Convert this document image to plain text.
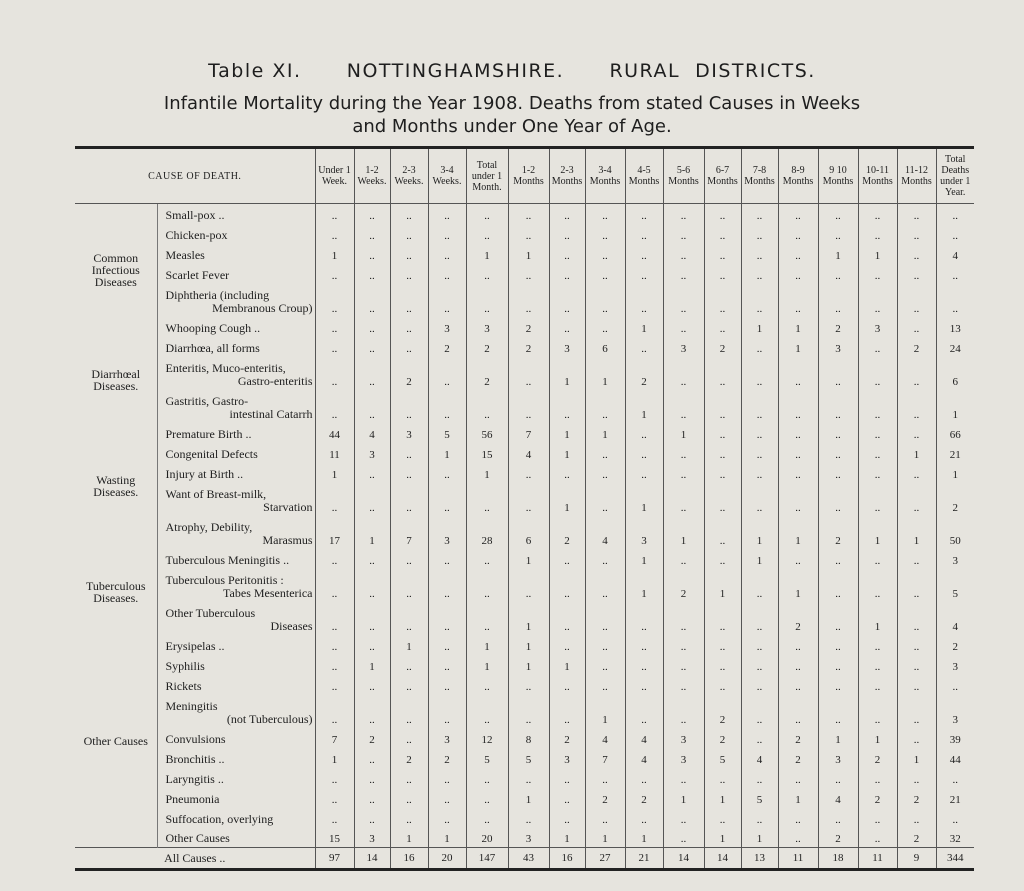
Table XI.      NOTTINGHAMSHIRE.      RURAL  DISTRICTS.
Infantile Mortality during the Year 1908. Deaths from stated Causes in Weeks
and Months under One Year of Age.
CAUSE OF DEATH.		Under 1 Week.	1-2 Weeks.	2-3 Weeks.	3-4 Weeks.	Total under 1 Month.	1-2 Months	2-3 Months	3-4 Months	4-5 Months	5-6 Months	6-7 Months	7-8 Months	8-9 Months	9 10 Months	10-11 Months	11-12 Months	Total Deaths under 1 Year.
Common Infectious Diseases	Small-pox ..	..	..	..	..	..	..	..	..	..	..	..	..	..	..	..	..	..
	Chicken-pox	..	..	..	..	..	..	..	..	..	..	..	..	..	..	..	..	..
	Measles	1	..	..	..	1	1	..	..	..	..	..	..	..	1	1	..	4
	Scarlet Fever	..	..	..	..	..	..	..	..	..	..	..	..	..	..	..	..	..
	Diphtheria (including
Membranous Croup)	..	..	..	..	..	..	..	..	..	..	..	..	..	..	..	..	..
	Whooping Cough ..	..	..	..	3	3	2	..	..	1	..	..	1	1	2	3	..	13
Diarrhœal Diseases.	Diarrhœa, all forms	..	..	..	2	2	2	3	6	..	3	2	..	1	3	..	2	24
	Enteritis, Muco-enteritis,
Gastro-enteritis	..	..	2	..	2	..	1	1	2	..	..	..	..	..	..	..	6
	Gastritis, Gastro-
intestinal Catarrh	..	..	..	..	..	..	..	..	1	..	..	..	..	..	..	..	1
Wasting Diseases.	Premature Birth ..	44	4	3	5	56	7	1	1	..	1	..	..	..	..	..	..	66
	Congenital Defects	11	3	..	1	15	4	1	..	..	..	..	..	..	..	..	1	21
	Injury at Birth ..	1	..	..	..	1	..	..	..	..	..	..	..	..	..	..	..	1
	Want of Breast-milk,
Starvation	..	..	..	..	..	..	1	..	1	..	..	..	..	..	..	..	2
	Atrophy, Debility,
Marasmus	17	1	7	3	28	6	2	4	3	1	..	1	1	2	1	1	50
Tuberculous Diseases.	Tuberculous Meningitis ..	..	..	..	..	..	1	..	..	1	..	..	1	..	..	..	..	3
	Tuberculous Peritonitis :
Tabes Mesenterica	..	..	..	..	..	..	..	..	1	2	1	..	1	..	..	..	5
	Other Tuberculous
Diseases	..	..	..	..	..	1	..	..	..	..	..	..	2	..	1	..	4
Other Causes	Erysipelas ..	..	..	1	..	1	1	..	..	..	..	..	..	..	..	..	..	2
	Syphilis	..	1	..	..	1	1	1	..	..	..	..	..	..	..	..	..	3
	Rickets	..	..	..	..	..	..	..	..	..	..	..	..	..	..	..	..	..
	Meningitis
(not Tuberculous)	..	..	..	..	..	..	..	1	..	..	2	..	..	..	..	..	3
	Convulsions	7	2	..	3	12	8	2	4	4	3	2	..	2	1	1	..	39
	Bronchitis ..	1	..	2	2	5	5	3	7	4	3	5	4	2	3	2	1	44
	Laryngitis ..	..	..	..	..	..	..	..	..	..	..	..	..	..	..	..	..	..
	Pneumonia	..	..	..	..	..	1	..	2	2	1	1	5	1	4	2	2	21
	Suffocation, overlying	..	..	..	..	..	..	..	..	..	..	..	..	..	..	..	..	..
	Other Causes	15	3	1	1	20	3	1	1	1	..	1	1	..	2	..	2	32
All Causes ..		97	14	16	20	147	43	16	27	21	14	14	13	11	18	11	9	344
